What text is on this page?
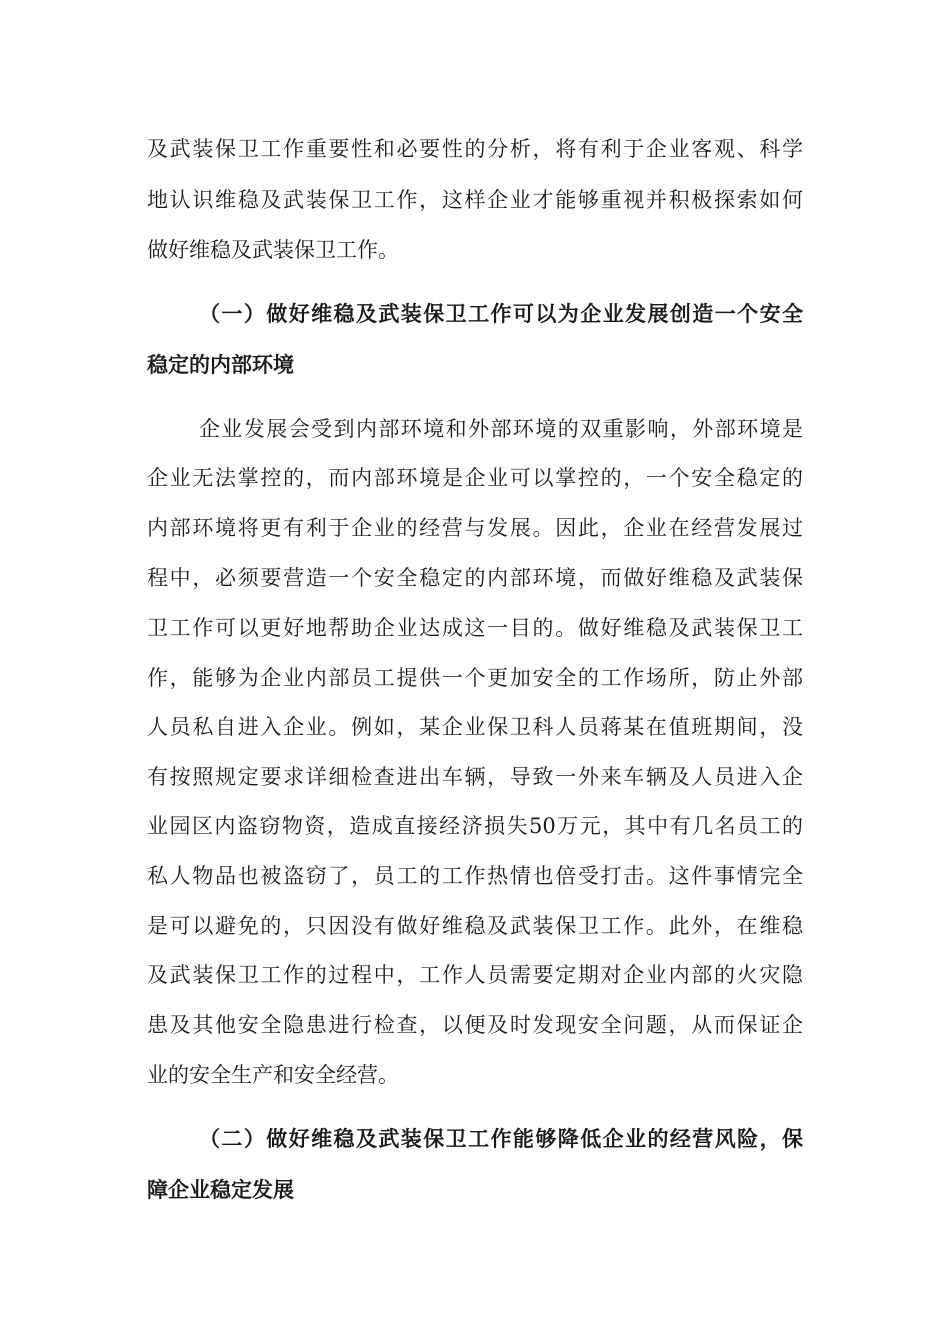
及武装保卫工作重要性和必要性的分析，将有利于企业客观、科学
地认识维稳及武装保卫工作，这样企业才能够重视并积极探索如何
做好维稳及武装保卫工作。
（一）做好维稳及武装保卫工作可以为企业发展创造一个安全
稳定的内部环境
企业发展会受到内部环境和外部环境的双重影响，外部环境是
企业无法掌控的，而内部环境是企业可以掌控的，一个安全稳定的
内部环境将更有利于企业的经营与发展。因此，企业在经营发展过
程中，必须要营造一个安全稳定的内部环境，而做好维稳及武装保
卫工作可以更好地帮助企业达成这一目的。做好维稳及武装保卫工
作，能够为企业内部员工提供一个更加安全的工作场所，防止外部
人员私自进入企业。例如，某企业保卫科人员蒋某在值班期间，没
有按照规定要求详细检查进出车辆，导致一外来车辆及人员进入企
业园区内盗窃物资，造成直接经济损失50万元，其中有几名员工的
私人物品也被盗窃了，员工的工作热情也倍受打击。这件事情完全
是可以避免的，只因没有做好维稳及武装保卫工作。此外，在维稳
及武装保卫工作的过程中，工作人员需要定期对企业内部的火灾隐
患及其他安全隐患进行检查，以便及时发现安全问题，从而保证企
业的安全生产和安全经营。
（二）做好维稳及武装保卫工作能够降低企业的经营风险，保
障企业稳定发展
